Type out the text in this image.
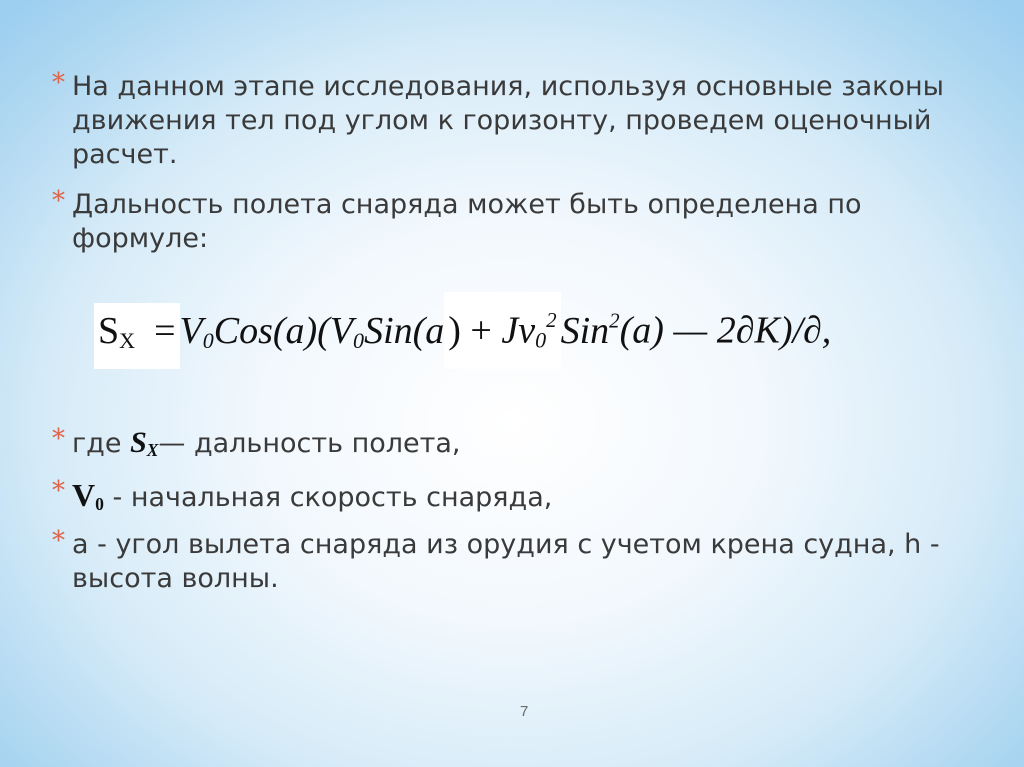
* На данном этапе исследования, используя основные законы движения тел под углом к горизонту, проведем оценочный расчет.
* Дальность полета снаряда может быть определена по формуле:
$S_X = V_0Cos(a)(V_0Sin(a$ ) + $Jv_0^2$ Sin$^2$(a) — 2∂K)/∂,
* где $S_X—$ дальность полета,
* $V_0$ - начальная скорость снаряда,
* а - угол вылета снаряда из орудия с учетом крена судна, h - высота волны.
7
